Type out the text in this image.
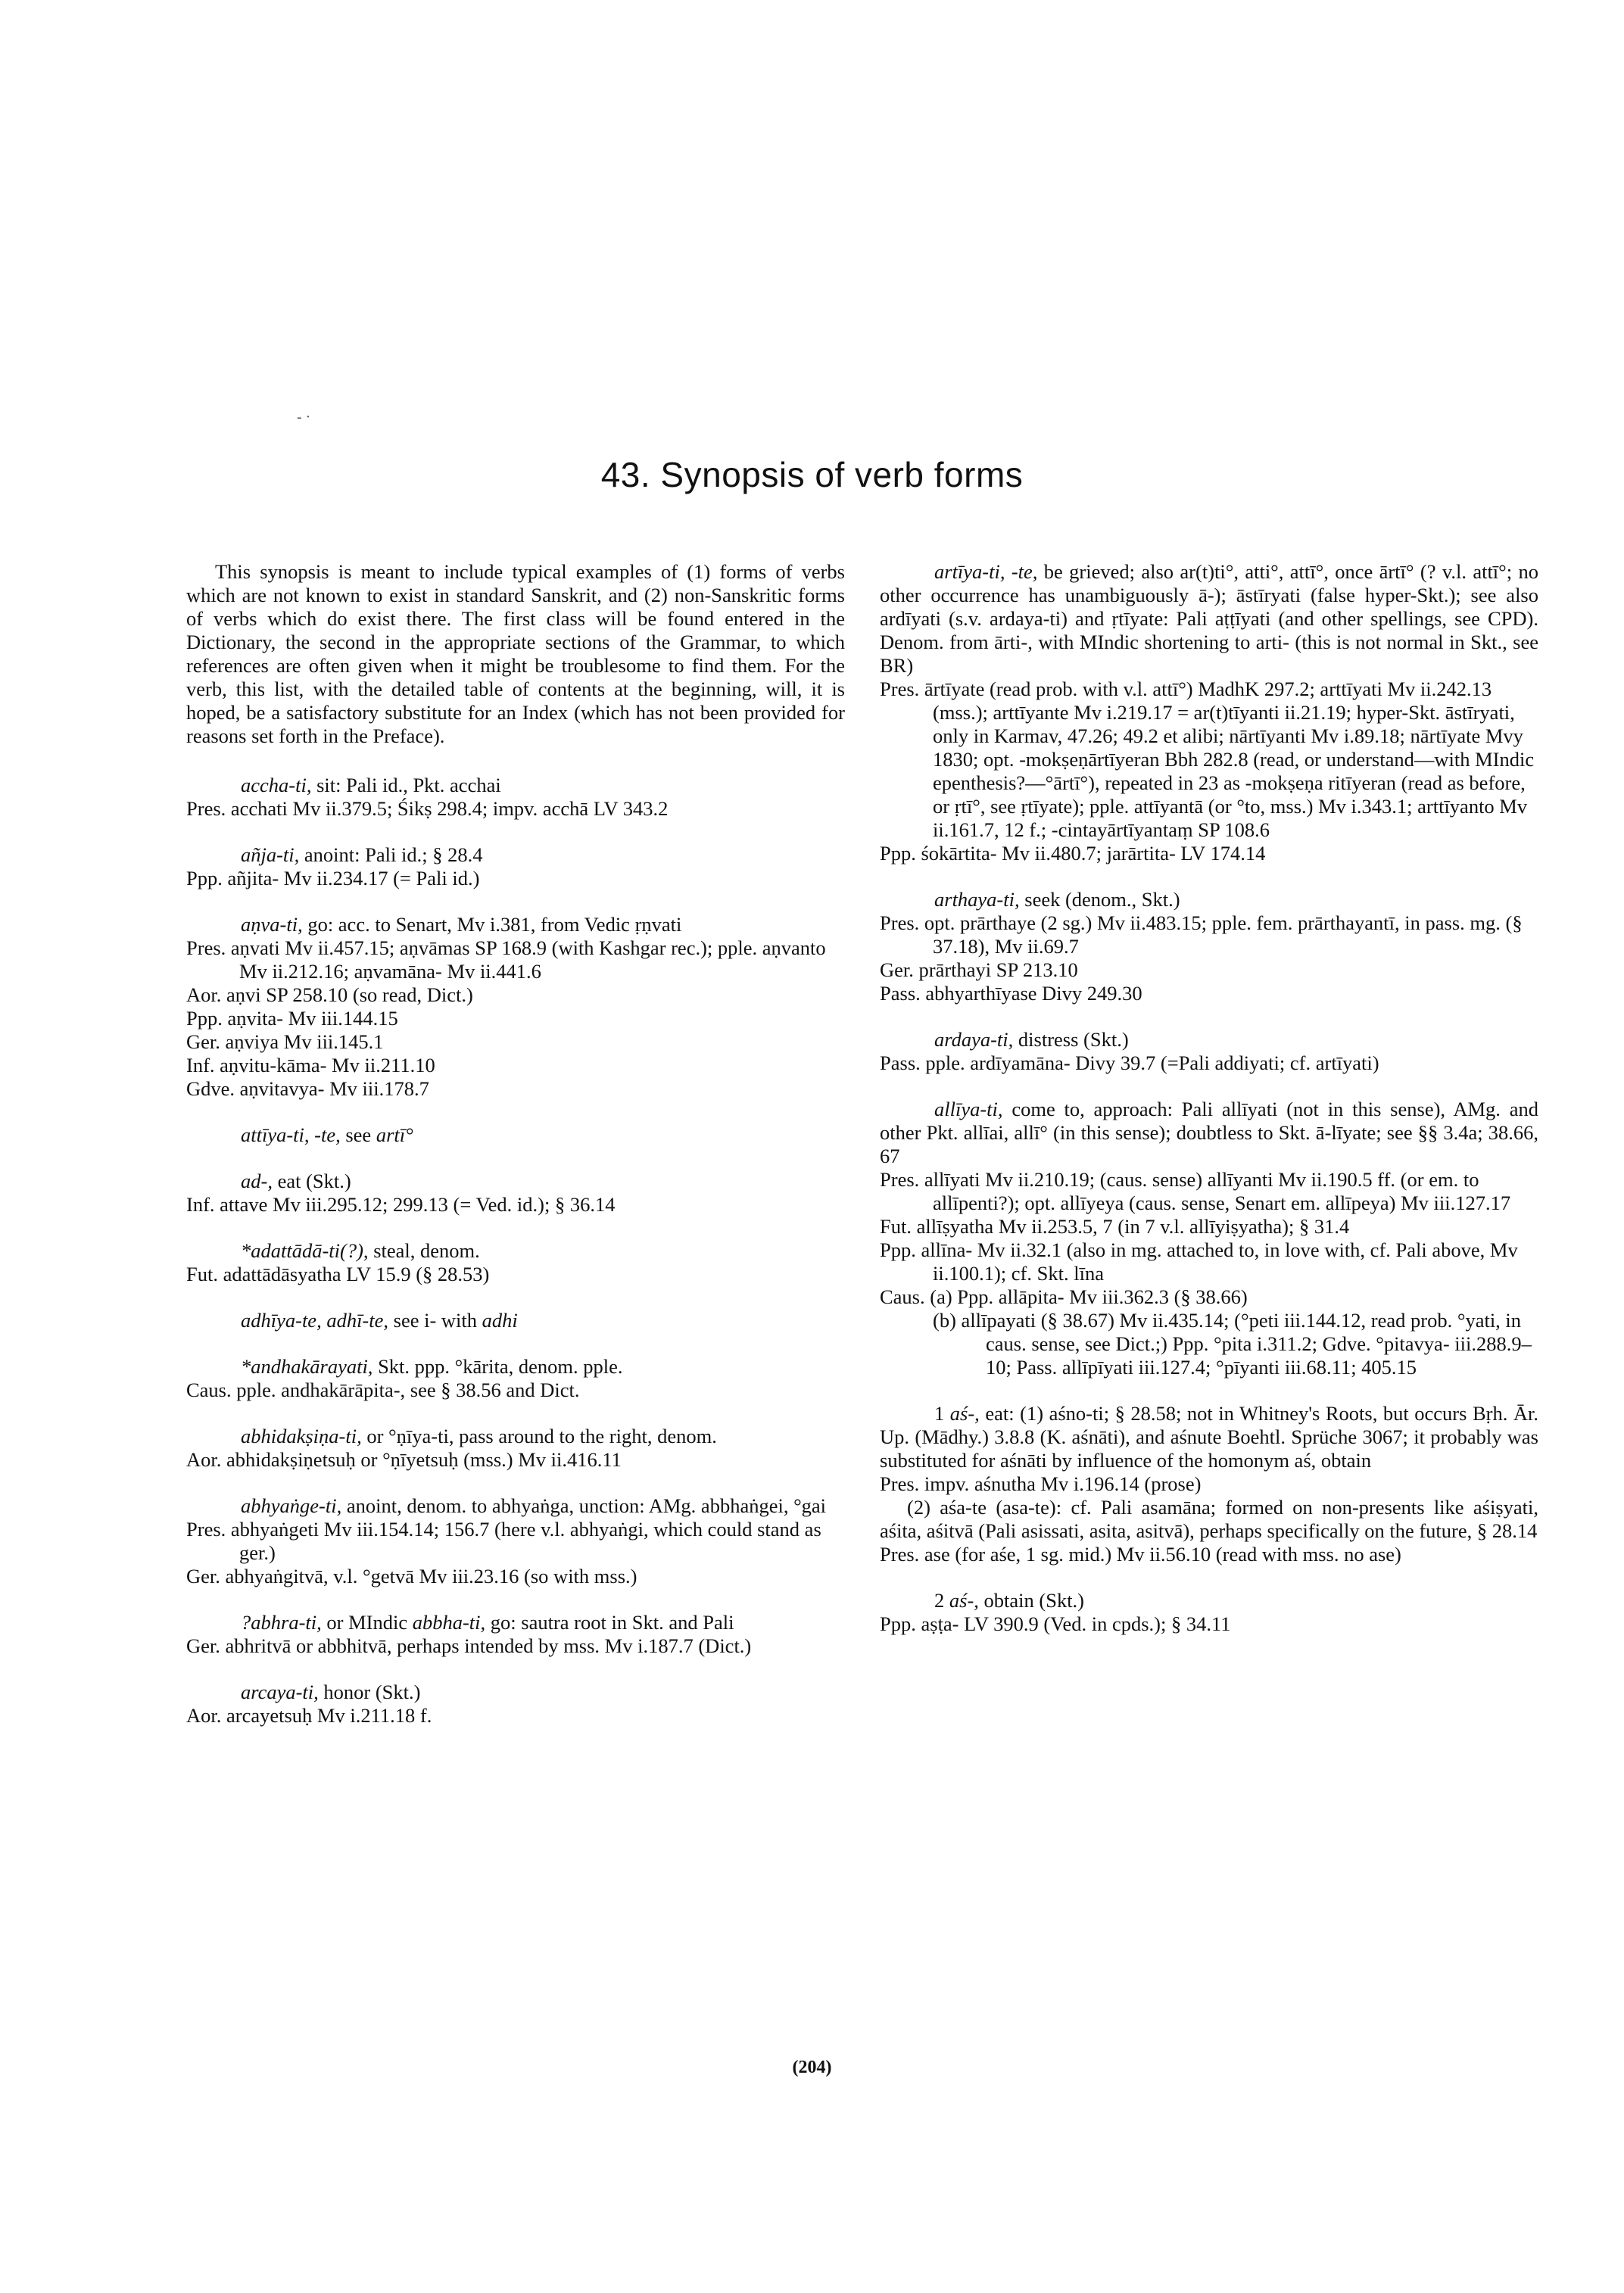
- ·
43. Synopsis of verb forms

This synopsis is meant to include typical examples of (1) forms of verbs which are not known to exist in standard Sanskrit, and (2) non-Sanskritic forms of verbs which do exist there. The first class will be found entered in the Dictionary, the second in the appropriate sections of the Grammar, to which references are often given when it might be troublesome to find them. For the verb, this list, with the detailed table of contents at the beginning, will, it is hoped, be a satisfactory substitute for an Index (which has not been provided for reasons set forth in the Preface).

accha-ti, sit: Pali id., Pkt. acchai
Pres. acchati Mv ii.379.5; Śikṣ 298.4; impv. acchā LV 343.2
añja-ti, anoint: Pali id.; § 28.4
Ppp. añjita- Mv ii.234.17 (= Pali id.)
aṇva-ti, go: acc. to Senart, Mv i.381, from Vedic ṛṇvati
Pres. aṇvati Mv ii.457.15; aṇvāmas SP 168.9 (with Kashgar rec.); pple. aṇvanto Mv ii.212.16; aṇvamāna- Mv ii.441.6
Aor. aṇvi SP 258.10 (so read, Dict.)
Ppp. aṇvita- Mv iii.144.15
Ger. aṇviya Mv iii.145.1
Inf. aṇvitu-kāma- Mv ii.211.10
Gdve. aṇvitavya- Mv iii.178.7
attīya-ti, -te, see artī°
ad-, eat (Skt.)
Inf. attave Mv iii.295.12; 299.13 (= Ved. id.); § 36.14
*adattādā-ti(?), steal, denom.
Fut. adattādāsyatha LV 15.9 (§ 28.53)
adhīya-te, adhī-te, see i- with adhi
*andhakārayati, Skt. ppp. °kārita, denom. pple.
Caus. pple. andhakārāpita-, see § 38.56 and Dict.
abhidakṣiṇa-ti, or °ṇīya-ti, pass around to the right, denom.
Aor. abhidakṣiṇetsuḥ or °ṇīyetsuḥ (mss.) Mv ii.416.11
abhyaṅge-ti, anoint, denom. to abhyaṅga, unction: AMg. abbhaṅgei, °gai
Pres. abhyaṅgeti Mv iii.154.14; 156.7 (here v.l. abhyaṅgi, which could stand as ger.)
Ger. abhyaṅgitvā, v.l. °getvā Mv iii.23.16 (so with mss.)
?abhra-ti, or MIndic abbha-ti, go: sautra root in Skt. and Pali
Ger. abhritvā or abbhitvā, perhaps intended by mss. Mv i.187.7 (Dict.)
arcaya-ti, honor (Skt.)
Aor. arcayetsuḥ Mv i.211.18 f.
artīya-ti, -te, be grieved; also ar(t)ti°, atti°, attī°, once ārtī° (? v.l. attī°; no other occurrence has unambiguously ā-); āstīryati (false hyper-Skt.); see also ardīyati (s.v. ardaya-ti) and ṛtīyate: Pali aṭṭīyati (and other spellings, see CPD). Denom. from ārti-, with MIndic shortening to arti- (this is not normal in Skt., see BR)
Pres. ārtīyate (read prob. with v.l. attī°) MadhK 297.2; arttīyati Mv ii.242.13 (mss.); arttīyante Mv i.219.17 = ar(t)tīyanti ii.21.19; hyper-Skt. āstīryati, only in Karmav, 47.26; 49.2 et alibi; nārtīyanti Mv i.89.18; nārtīyate Mvy 1830; opt. -mokṣeṇārtīyeran Bbh 282.8 (read, or understand—with MIndic epenthesis?—°ārtī°), repeated in 23 as -mokṣeṇa ritīyeran (read as before, or ṛtī°, see ṛtīyate); pple. attīyantā (or °to, mss.) Mv i.343.1; arttīyanto Mv ii.161.7, 12 f.; -cintayārtīyantaṃ SP 108.6
Ppp. śokārtita- Mv ii.480.7; jarārtita- LV 174.14
arthaya-ti, seek (denom., Skt.)
Pres. opt. prārthaye (2 sg.) Mv ii.483.15; pple. fem. prārthayantī, in pass. mg. (§ 37.18), Mv ii.69.7
Ger. prārthayi SP 213.10
Pass. abhyarthīyase Divy 249.30
ardaya-ti, distress (Skt.)
Pass. pple. ardīyamāna- Divy 39.7 (=Pali addiyati; cf. artīyati)
allīya-ti, come to, approach: Pali allīyati (not in this sense), AMg. and other Pkt. allīai, allī° (in this sense); doubtless to Skt. ā-līyate; see §§ 3.4a; 38.66, 67
Pres. allīyati Mv ii.210.19; (caus. sense) allīyanti Mv ii.190.5 ff. (or em. to allīpenti?); opt. allīyeya (caus. sense, Senart em. allīpeya) Mv iii.127.17
Fut. allīṣyatha Mv ii.253.5, 7 (in 7 v.l. allīyiṣyatha); § 31.4
Ppp. allīna- Mv ii.32.1 (also in mg. attached to, in love with, cf. Pali above, Mv ii.100.1); cf. Skt. līna
Caus. (a) Ppp. allāpita- Mv iii.362.3 (§ 38.66)
(b) allīpayati (§ 38.67) Mv ii.435.14; (°peti iii.144.12, read prob. °yati, in caus. sense, see Dict.;) Ppp. °pita i.311.2; Gdve. °pitavya- iii.288.9–10; Pass. allīpīyati iii.127.4; °pīyanti iii.68.11; 405.15
1 aś-, eat: (1) aśno-ti; § 28.58; not in Whitney's Roots, but occurs Bṛh. Ār. Up. (Mādhy.) 3.8.8 (K. aśnāti), and aśnute Boehtl. Sprüche 3067; it probably was substituted for aśnāti by influence of the homonym aś, obtain
Pres. impv. aśnutha Mv i.196.14 (prose)
(2) aśa-te (asa-te): cf. Pali asamāna; formed on non-presents like aśiṣyati, aśita, aśitvā (Pali asissati, asita, asitvā), perhaps specifically on the future, § 28.14
Pres. ase (for aśe, 1 sg. mid.) Mv ii.56.10 (read with mss. no ase)
2 aś-, obtain (Skt.)
Ppp. aṣṭa- LV 390.9 (Ved. in cpds.); § 34.11
(204)
